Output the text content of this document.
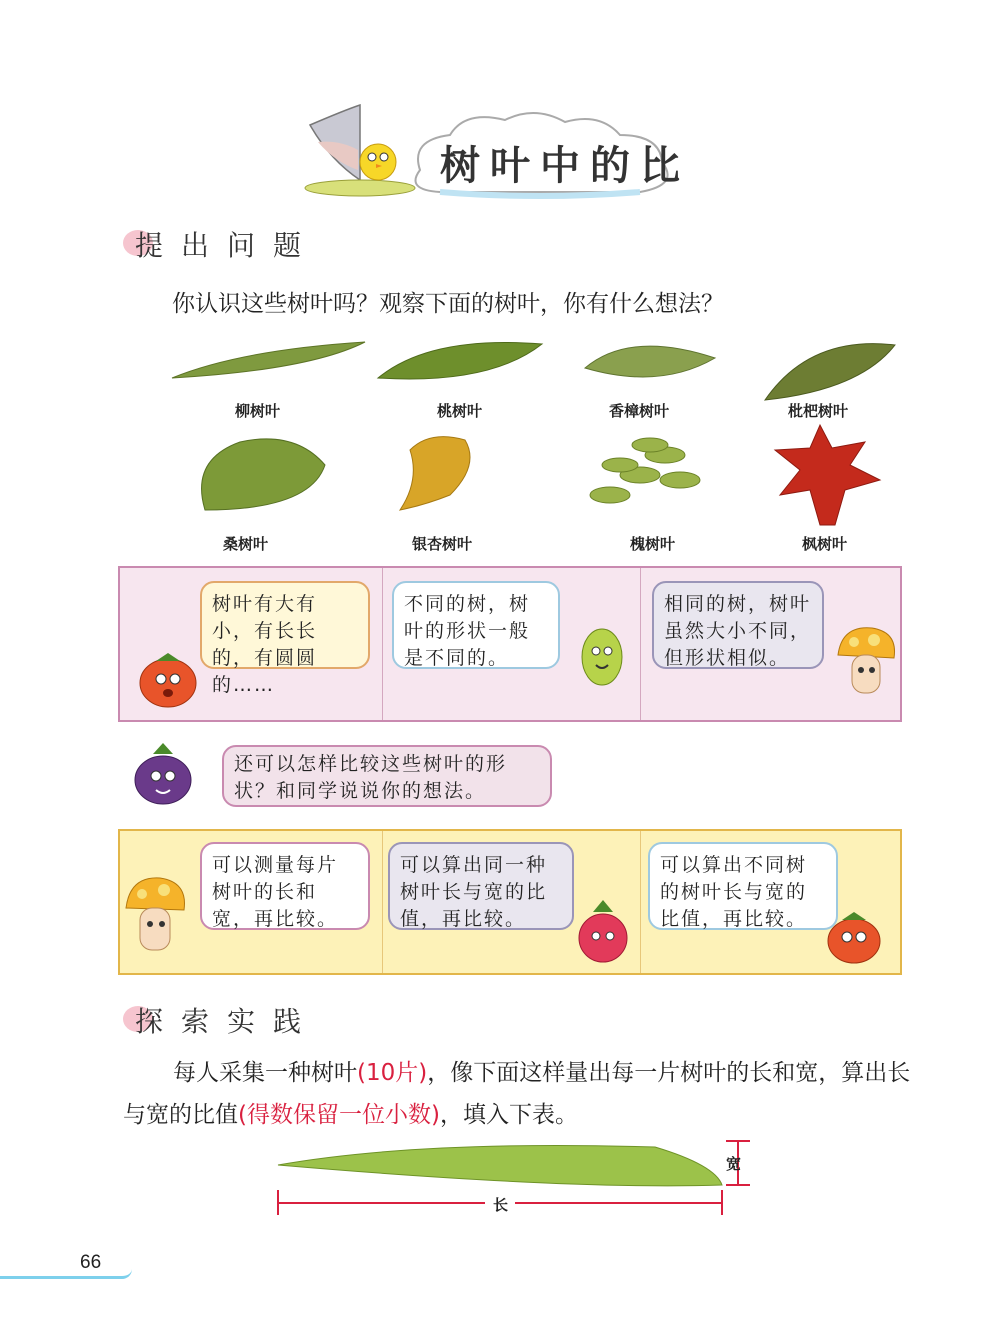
树叶中的比
提出问题
你认识这些树叶吗？观察下面的树叶，你有什么想法？
柳树叶	桃树叶	香樟树叶	枇杷树叶
桑树叶	银杏树叶	槐树叶	枫树叶
树叶有大有小，有长长的，有圆圆的……
不同的树，树叶的形状一般是不同的。
相同的树，树叶虽然大小不同，但形状相似。
还可以怎样比较这些树叶的形状？和同学说说你的想法。
可以测量每片树叶的长和宽，再比较。
可以算出同一种树叶长与宽的比值，再比较。
可以算出不同树的树叶长与宽的比值，再比较。
探索实践
每人采集一种树叶(10片)，像下面这样量出每一片树叶的长和宽，算出长与宽的比值(得数保留一位小数)，填入下表。
宽
长
66
